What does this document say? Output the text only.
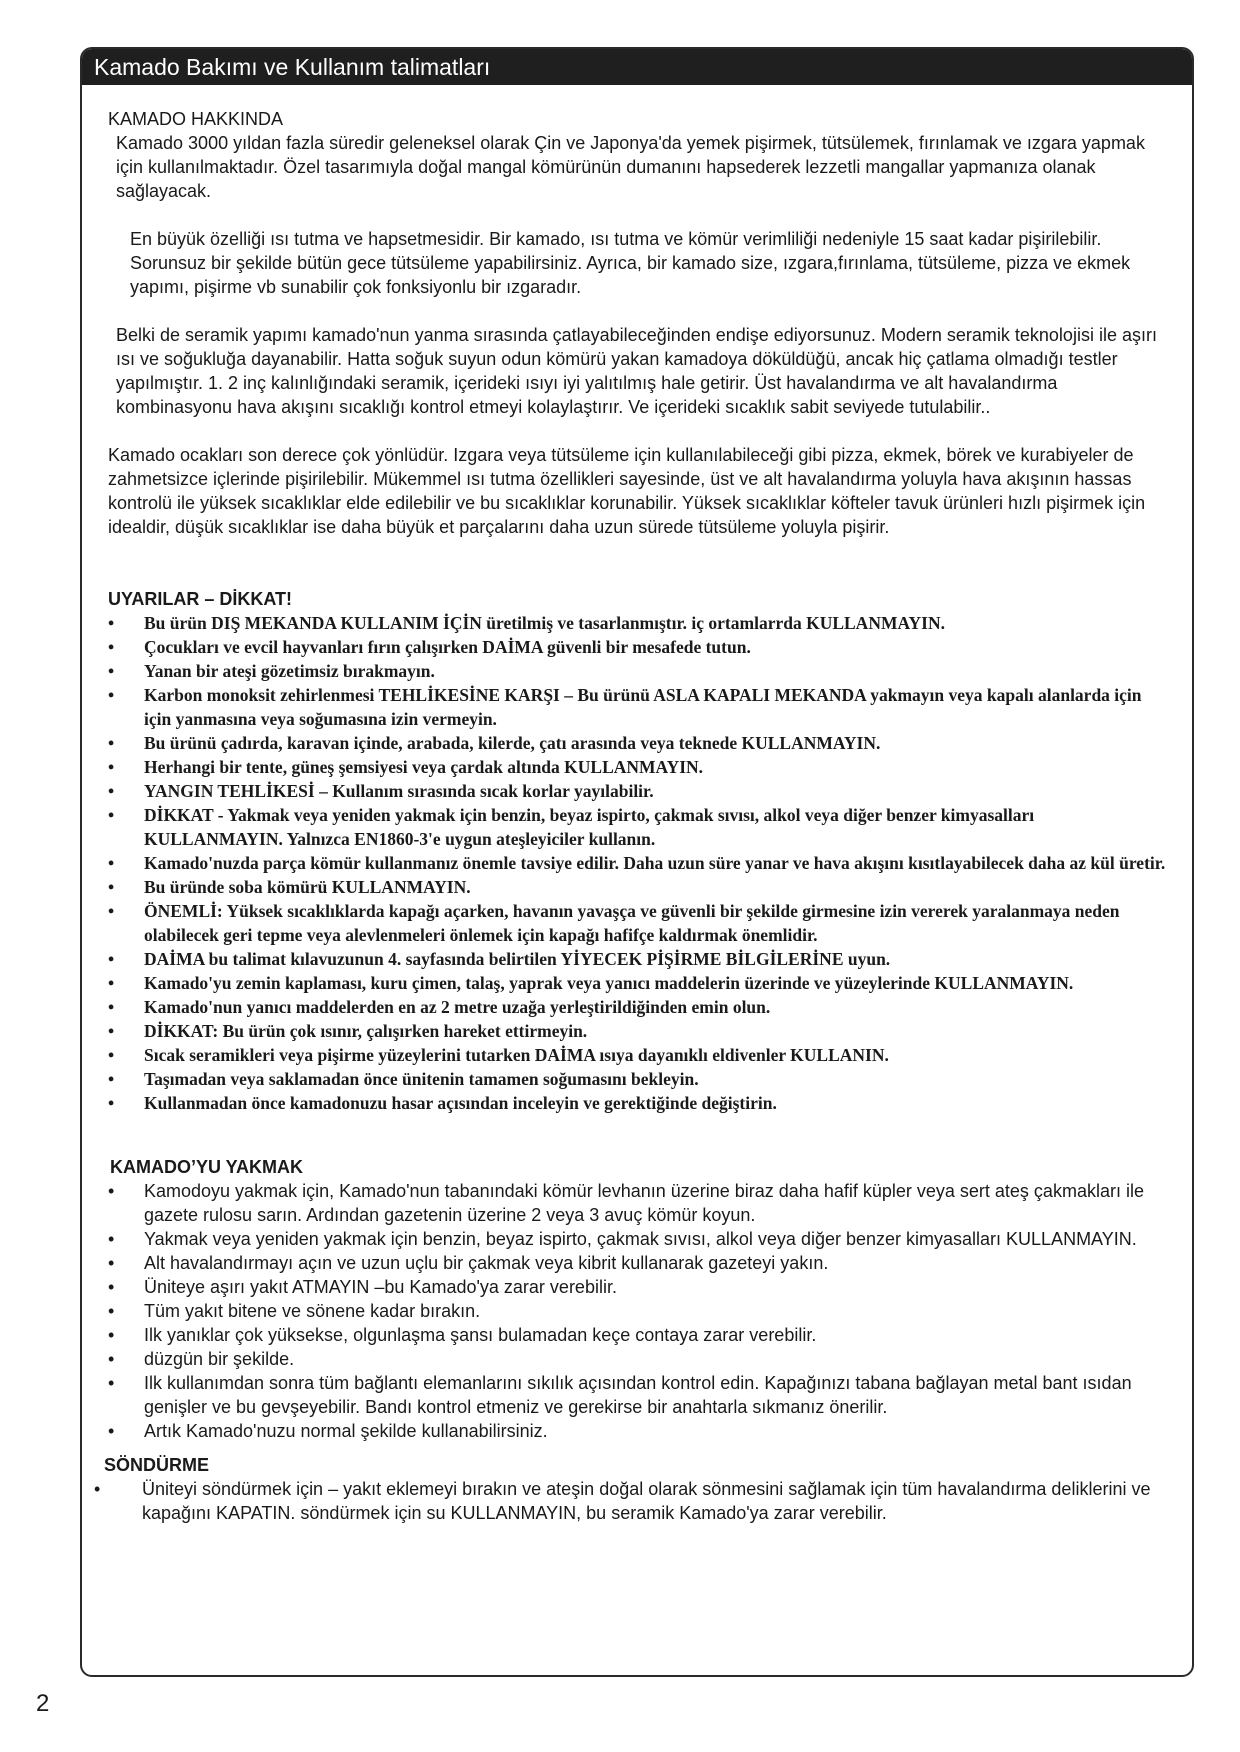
Kamado Bakımı ve Kullanım talimatları
KAMADO HAKKINDA

Kamado 3000 yıldan fazla süredir geleneksel olarak Çin ve Japonya'da yemek pişirmek, tütsülemek, fırınlamak ve ızgara yapmak için kullanılmaktadır. Özel tasarımıyla doğal mangal kömürünün dumanını hapsederek lezzetli mangallar yapmanıza olanak sağlayacak.

En büyük özelliği ısı tutma ve hapsetmesidir. Bir kamado, ısı tutma ve kömür verimliliği nedeniyle 15 saat kadar pişirilebilir. Sorunsuz bir şekilde bütün gece tütsüleme yapabilirsiniz. Ayrıca, bir kamado size, ızgara,fırınlama, tütsüleme, pizza ve ekmek yapımı, pişirme vb sunabilir çok fonksiyonlu bir ızgaradır.

Belki de seramik yapımı kamado'nun yanma sırasında çatlayabileceğinden endişe ediyorsunuz. Modern seramik teknolojisi ile aşırı ısı ve soğukluğa dayanabilir. Hatta soğuk suyun odun kömürü yakan kamadoya döküldüğü, ancak hiç çatlama olmadığı testler yapılmıştır. 1. 2 inç kalınlığındaki seramik, içerideki ısıyı iyi yalıtılmış hale getirir. Üst havalandırma ve alt havalandırma kombinasyonu hava akışını sıcaklığı kontrol etmeyi kolaylaştırır. Ve içerideki sıcaklık sabit seviyede tutulabilir..

Kamado ocakları son derece çok yönlüdür. Izgara veya tütsüleme için kullanılabileceği gibi pizza, ekmek, börek ve kurabiyeler de zahmetsizce içlerinde pişirilebilir. Mükemmel ısı tutma özellikleri sayesinde, üst ve alt havalandırma yoluyla hava akışının hassas kontrolü ile yüksek sıcaklıklar elde edilebilir ve bu sıcaklıklar korunabilir. Yüksek sıcaklıklar köfteler tavuk ürünleri hızlı pişirmek için idealdir, düşük sıcaklıklar ise daha büyük et parçalarını daha uzun sürede tütsüleme yoluyla pişirir.

UYARILAR – DİKKAT!
• Bu ürün DIŞ MEKANDA KULLANIM İÇİN üretilmiş ve tasarlanmıştır. iç ortamlarrda KULLANMAYIN.
• Çocukları ve evcil hayvanları fırın çalışırken DAİMA güvenli bir mesafede tutun.
• Yanan bir ateşi gözetimsiz bırakmayın.
• Karbon monoksit zehirlenmesi TEHLİKESİNE KARŞI – Bu ürünü ASLA KAPALI MEKANDA yakmayın veya kapalı alanlarda için için yanmasına veya soğumasına izin vermeyin.
• Bu ürünü çadırda, karavan içinde, arabada, kilerde, çatı arasında veya teknede KULLANMAYIN.
• Herhangi bir tente, güneş şemsiyesi veya çardak altında KULLANMAYIN.
• YANGIN TEHLİKESİ – Kullanım sırasında sıcak korlar yayılabilir.
• DİKKAT - Yakmak veya yeniden yakmak için benzin, beyaz ispirto, çakmak sıvısı, alkol veya diğer benzer kimyasalları KULLANMAYIN. Yalnızca EN1860-3'e uygun ateşleyiciler kullanın.
• Kamado'nuzda parça kömür kullanmanız önemle tavsiye edilir. Daha uzun süre yanar ve hava akışını kısıtlayabilecek daha az kül üretir.
• Bu üründe soba kömürü KULLANMAYIN.
• ÖNEMLİ: Yüksek sıcaklıklarda kapağı açarken, havanın yavaşça ve güvenli bir şekilde girmesine izin vererek yaralanmaya neden olabilecek geri tepme veya alevlenmeleri önlemek için kapağı hafifçe kaldırmak önemlidir.
• DAİMA bu talimat kılavuzunun 4. sayfasında belirtilen YİYECEK PİŞİRME BİLGİLERİNE uyun.
• Kamado'yu zemin kaplaması, kuru çimen, talaş, yaprak veya yanıcı maddelerin üzerinde ve yüzeylerinde KULLANMAYIN.
• Kamado'nun yanıcı maddelerden en az 2 metre uzağa yerleştirildiğinden emin olun.
• DİKKAT: Bu ürün çok ısınır, çalışırken hareket ettirmeyin.
• Sıcak seramikleri veya pişirme yüzeylerini tutarken DAİMA ısıya dayanıklı eldivenler KULLANIN.
• Taşımadan veya saklamadan önce ünitenin tamamen soğumasını bekleyin.
• Kullanmadan önce kamadonuzu hasar açısından inceleyin ve gerektiğinde değiştirin.
KAMADO’YU YAKMAK
• Kamodoyu yakmak için, Kamado'nun tabanındaki kömür levhanın üzerine biraz daha hafif küpler veya sert ateş çakmakları ile gazete rulosu sarın. Ardından gazetenin üzerine 2 veya 3 avuç kömür koyun.
• Yakmak veya yeniden yakmak için benzin, beyaz ispirto, çakmak sıvısı, alkol veya diğer benzer kimyasalları KULLANMAYIN.
• Alt havalandırmayı açın ve uzun uçlu bir çakmak veya kibrit kullanarak gazeteyi yakın.
• Üniteye aşırı yakıt ATMAYIN –bu Kamado'ya zarar verebilir.
• Tüm yakıt bitene ve sönene kadar bırakın.
• Ilk yanıklar çok yüksekse, olgunlaşma şansı bulamadan keçe contaya zarar verebilir.
• düzgün bir şekilde.
• Ilk kullanımdan sonra tüm bağlantı elemanlarını sıkılık açısından kontrol edin. Kapağınızı tabana bağlayan metal bant ısıdan genişler ve bu gevşeyebilir. Bandı kontrol etmeniz ve gerekirse bir anahtarla sıkmanız önerilir.
• Artık Kamado'nuzu normal şekilde kullanabilirsiniz.
SÖNDÜRME
• Üniteyi söndürmek için – yakıt eklemeyi bırakın ve ateşin doğal olarak sönmesini sağlamak için tüm havalandırma deliklerini ve kapağını KAPATIN. söndürmek için su KULLANMAYIN, bu seramik Kamado'ya zarar verebilir.
2
